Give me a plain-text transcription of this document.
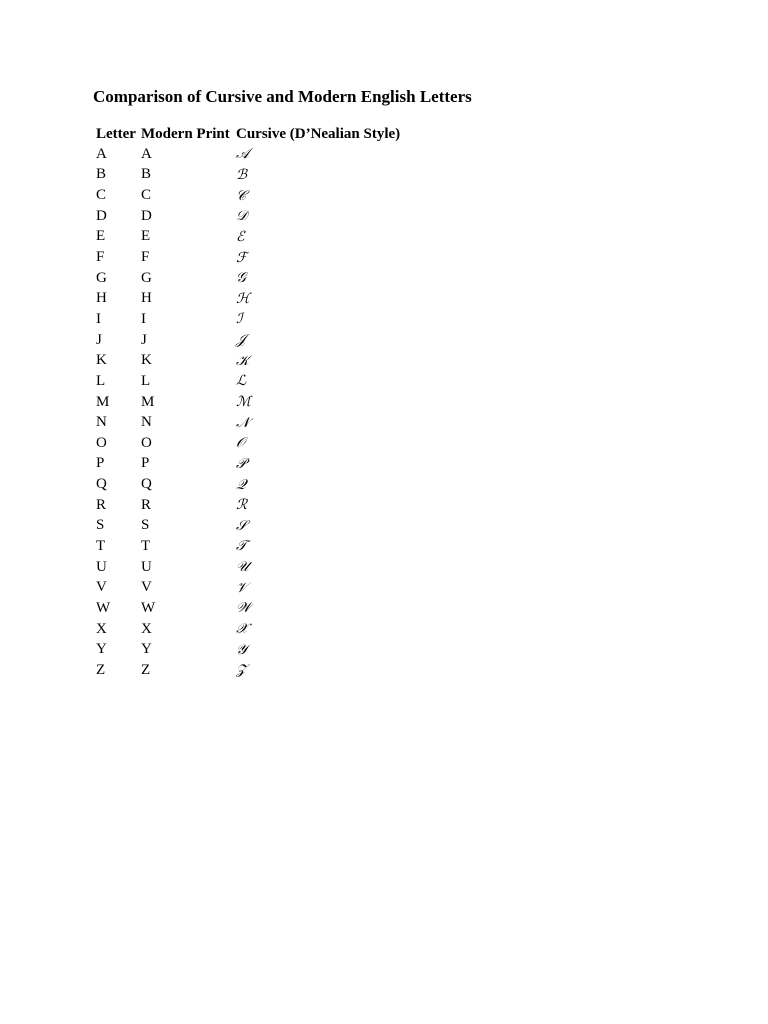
Comparison of Cursive and Modern English Letters
Letter	Modern Print	Cursive (D’Nealian Style)
A	A	𝒜
B	B	ℬ
C	C	𝒞
D	D	𝒟
E	E	ℰ
F	F	ℱ
G	G	𝒢
H	H	ℋ
I	I	ℐ
J	J	𝒥
K	K	𝒦
L	L	ℒ
M	M	ℳ
N	N	𝒩
O	O	𝒪
P	P	𝒫
Q	Q	𝒬
R	R	ℛ
S	S	𝒮
T	T	𝒯
U	U	𝒰
V	V	𝒱
W	W	𝒲
X	X	𝒳
Y	Y	𝒴
Z	Z	𝒵
